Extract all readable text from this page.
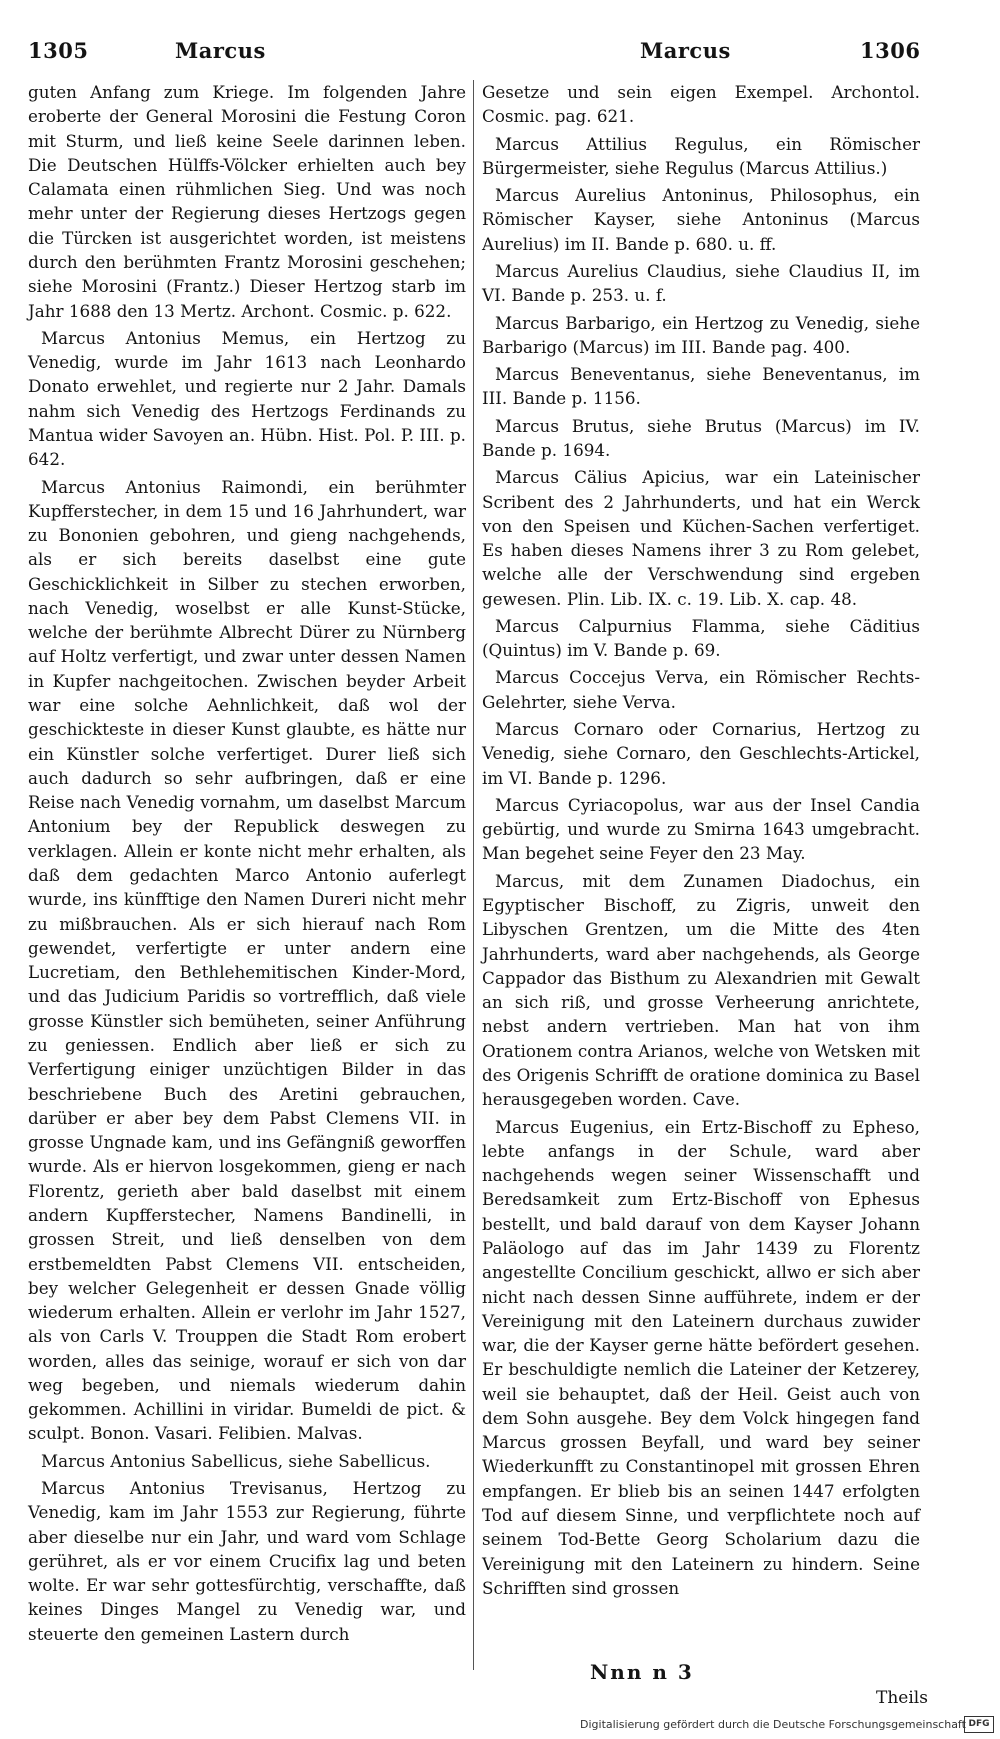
1305	Marcus	Marcus	1306

guten Anfang zum Kriege. Im folgenden Jahre eroberte der General Morosini die Festung Coron mit Sturm, und ließ keine Seele darinnen leben. Die Deutschen Hülffs-Völcker erhielten auch bey Calamata einen rühmlichen Sieg. Und was noch mehr unter der Regierung dieses Hertzogs gegen die Türcken ist ausgerichtet worden, ist meistens durch den berühmten Frantz Morosini geschehen; siehe Morosini (Frantz.) Dieser Hertzog starb im Jahr 1688 den 13 Mertz. Archont. Cosmic. p. 622.

Marcus Antonius Memus, ein Hertzog zu Venedig, wurde im Jahr 1613 nach Leonhardo Donato erwehlet, und regierte nur 2 Jahr. Damals nahm sich Venedig des Hertzogs Ferdinands zu Mantua wider Savoyen an. Hübn. Hist. Pol. P. III. p. 642.

Marcus Antonius Raimondi, ein berühmter Kupfferstecher, in dem 15 und 16 Jahrhundert, war zu Bononien gebohren, und gieng nachgehends, als er sich bereits daselbst eine gute Geschicklichkeit in Silber zu stechen erworben, nach Venedig, woselbst er alle Kunst-Stücke, welche der berühmte Albrecht Dürer zu Nürnberg auf Holtz verfertigt, und zwar unter dessen Namen in Kupfer nachgeitochen. Zwischen beyder Arbeit war eine solche Aehnlichkeit, daß wol der geschickteste in dieser Kunst glaubte, es hätte nur ein Künstler solche verfertiget. Durer ließ sich auch dadurch so sehr aufbringen, daß er eine Reise nach Venedig vornahm, um daselbst Marcum Antonium bey der Republick deswegen zu verklagen. Allein er konte nicht mehr erhalten, als daß dem gedachten Marco Antonio auferlegt wurde, ins künfftige den Namen Dureri nicht mehr zu mißbrauchen. Als er sich hierauf nach Rom gewendet, verfertigte er unter andern eine Lucretiam, den Bethlehemitischen Kinder-Mord, und das Judicium Paridis so vortrefflich, daß viele grosse Künstler sich bemüheten, seiner Anführung zu geniessen. Endlich aber ließ er sich zu Verfertigung einiger unzüchtigen Bilder in das beschriebene Buch des Aretini gebrauchen, darüber er aber bey dem Pabst Clemens VII. in grosse Ungnade kam, und ins Gefängniß geworffen wurde. Als er hiervon losgekommen, gieng er nach Florentz, gerieth aber bald daselbst mit einem andern Kupfferstecher, Namens Bandinelli, in grossen Streit, und ließ denselben von dem erstbemeldten Pabst Clemens VII. entscheiden, bey welcher Gelegenheit er dessen Gnade völlig wiederum erhalten. Allein er verlohr im Jahr 1527, als von Carls V. Trouppen die Stadt Rom erobert worden, alles das seinige, worauf er sich von dar weg begeben, und niemals wiederum dahin gekommen. Achillini in viridar. Bumeldi de pict. & sculpt. Bonon. Vasari. Felibien. Malvas.

Marcus Antonius Sabellicus, siehe Sabellicus.

Marcus Antonius Trevisanus, Hertzog zu Venedig, kam im Jahr 1553 zur Regierung, führte aber dieselbe nur ein Jahr, und ward vom Schlage gerühret, als er vor einem Crucifix lag und beten wolte. Er war sehr gottesfürchtig, verschaffte, daß keines Dinges Mangel zu Venedig war, und steuerte den gemeinen Lastern durch

Gesetze und sein eigen Exempel. Archontol. Cosmic. pag. 621.

Marcus Attilius Regulus, ein Römischer Bürgermeister, siehe Regulus (Marcus Attilius.)

Marcus Aurelius Antoninus, Philosophus, ein Römischer Kayser, siehe Antoninus (Marcus Aurelius) im II. Bande p. 680. u. ff.

Marcus Aurelius Claudius, siehe Claudius II, im VI. Bande p. 253. u. f.

Marcus Barbarigo, ein Hertzog zu Venedig, siehe Barbarigo (Marcus) im III. Bande pag. 400.

Marcus Beneventanus, siehe Beneventanus, im III. Bande p. 1156.

Marcus Brutus, siehe Brutus (Marcus) im IV. Bande p. 1694.

Marcus Cälius Apicius, war ein Lateinischer Scribent des 2 Jahrhunderts, und hat ein Werck von den Speisen und Küchen-Sachen verfertiget. Es haben dieses Namens ihrer 3 zu Rom gelebet, welche alle der Verschwendung sind ergeben gewesen. Plin. Lib. IX. c. 19. Lib. X. cap. 48.

Marcus Calpurnius Flamma, siehe Cäditius (Quintus) im V. Bande p. 69.

Marcus Coccejus Verva, ein Römischer Rechts-Gelehrter, siehe Verva.

Marcus Cornaro oder Cornarius, Hertzog zu Venedig, siehe Cornaro, den Geschlechts-Artickel, im VI. Bande p. 1296.

Marcus Cyriacopolus, war aus der Insel Candia gebürtig, und wurde zu Smirna 1643 umgebracht. Man begehet seine Feyer den 23 May.

Marcus, mit dem Zunamen Diadochus, ein Egyptischer Bischoff, zu Zigris, unweit den Libyschen Grentzen, um die Mitte des 4ten Jahrhunderts, ward aber nachgehends, als George Cappador das Bisthum zu Alexandrien mit Gewalt an sich riß, und grosse Verheerung anrichtete, nebst andern vertrieben. Man hat von ihm Orationem contra Arianos, welche von Wetsken mit des Origenis Schrifft de oratione dominica zu Basel herausgegeben worden. Cave.

Marcus Eugenius, ein Ertz-Bischoff zu Epheso, lebte anfangs in der Schule, ward aber nachgehends wegen seiner Wissenschafft und Beredsamkeit zum Ertz-Bischoff von Ephesus bestellt, und bald darauf von dem Kayser Johann Paläologo auf das im Jahr 1439 zu Florentz angestellte Concilium geschickt, allwo er sich aber nicht nach dessen Sinne aufführete, indem er der Vereinigung mit den Lateinern durchaus zuwider war, die der Kayser gerne hätte befördert gesehen. Er beschuldigte nemlich die Lateiner der Ketzerey, weil sie behauptet, daß der Heil. Geist auch von dem Sohn ausgehe. Bey dem Volck hingegen fand Marcus grossen Beyfall, und ward bey seiner Wiederkunfft zu Constantinopel mit grossen Ehren empfangen. Er blieb bis an seinen 1447 erfolgten Tod auf diesem Sinne, und verpflichtete noch auf seinem Tod-Bette Georg Scholarium dazu die Vereinigung mit den Lateinern zu hindern. Seine Schrifften sind grossen

Nnn n 3
Theils
Digitalisierung gefördert durch die Deutsche Forschungsgemeinschaft -
DFG
